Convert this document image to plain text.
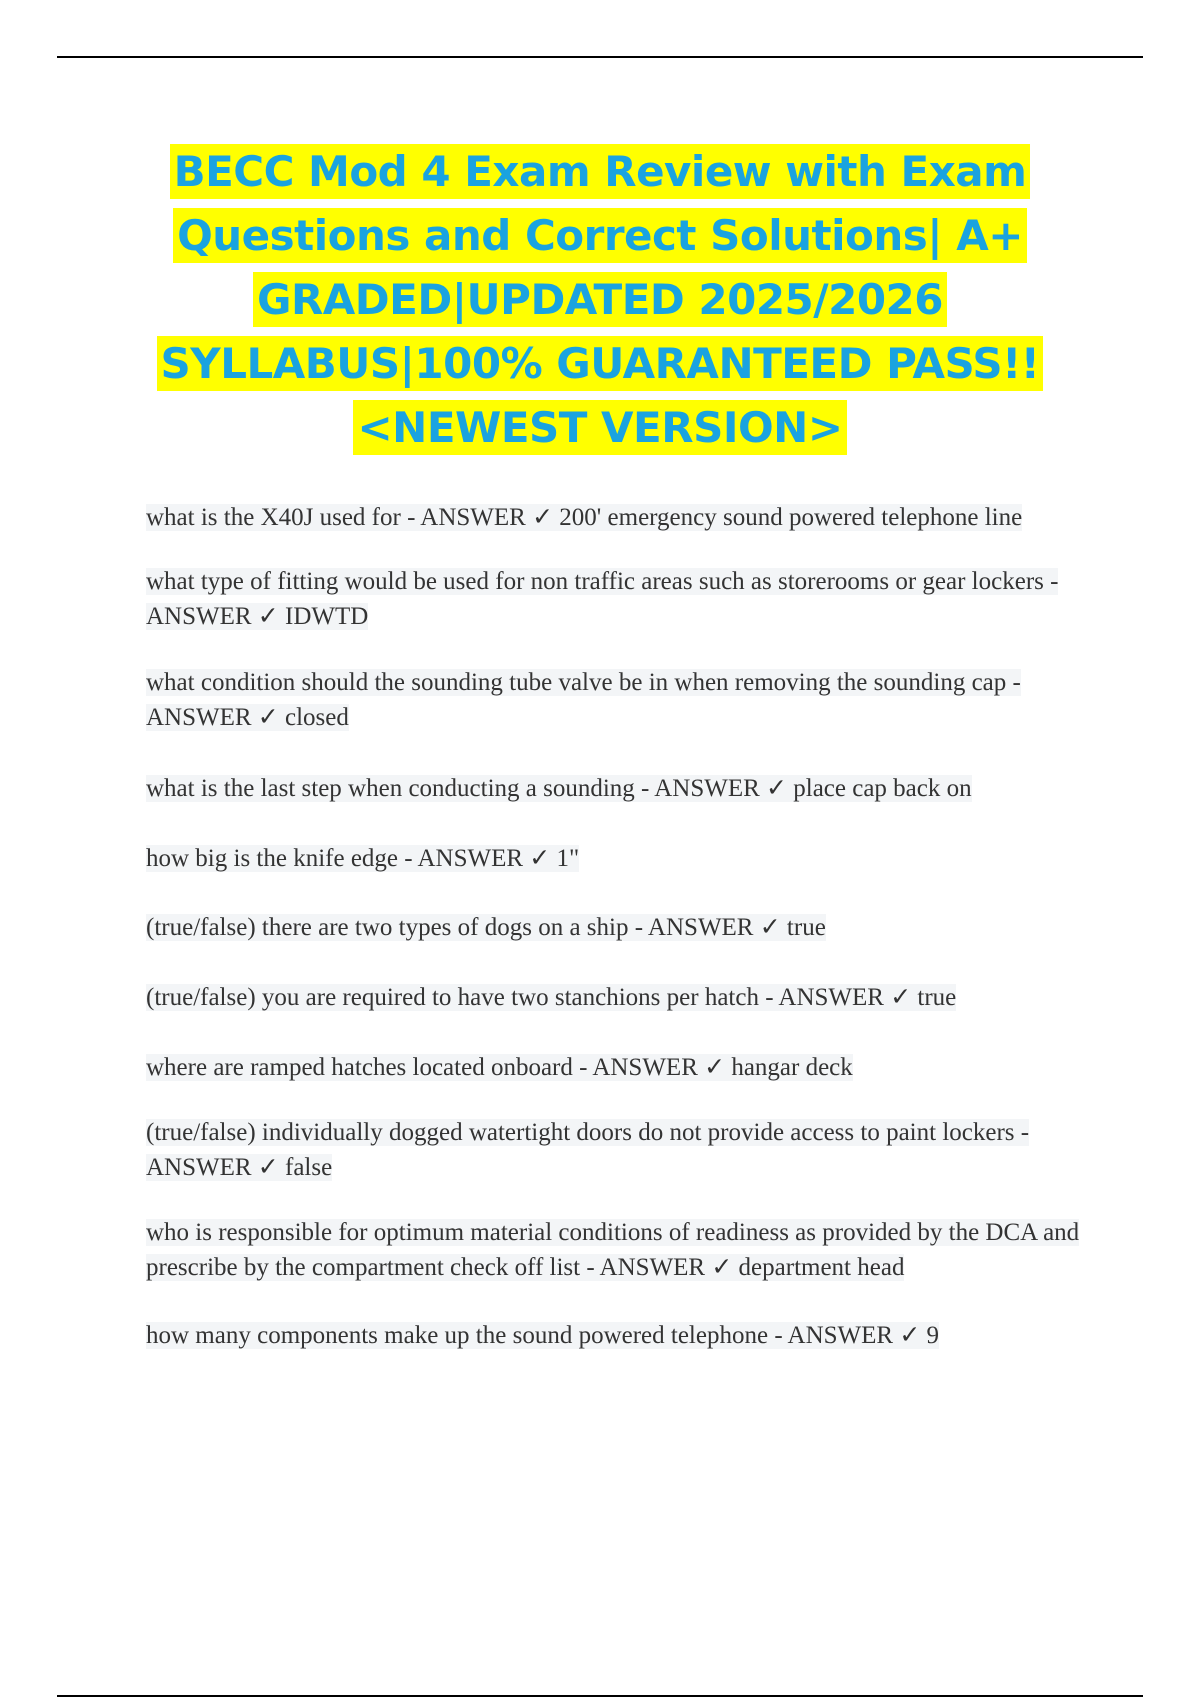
BECC Mod 4 Exam Review with Exam Questions and Correct Solutions| A+ GRADED|UPDATED 2025/2026 SYLLABUS|100% GUARANTEED PASS!!<NEWEST VERSION>

what is the X40J used for - ANSWER ✓ 200' emergency sound powered telephone line

what type of fitting would be used for non traffic areas such as storerooms or gear lockers - ANSWER ✓ IDWTD

what condition should the sounding tube valve be in when removing the sounding cap - ANSWER ✓ closed

what is the last step when conducting a sounding - ANSWER ✓ place cap back on

how big is the knife edge - ANSWER ✓ 1"

(true/false) there are two types of dogs on a ship - ANSWER ✓ true

(true/false) you are required to have two stanchions per hatch - ANSWER ✓ true

where are ramped hatches located onboard - ANSWER ✓ hangar deck

(true/false) individually dogged watertight doors do not provide access to paint lockers - ANSWER ✓ false

who is responsible for optimum material conditions of readiness as provided by the DCA and prescribe by the compartment check off list - ANSWER ✓ department head

how many components make up the sound powered telephone - ANSWER ✓ 9
